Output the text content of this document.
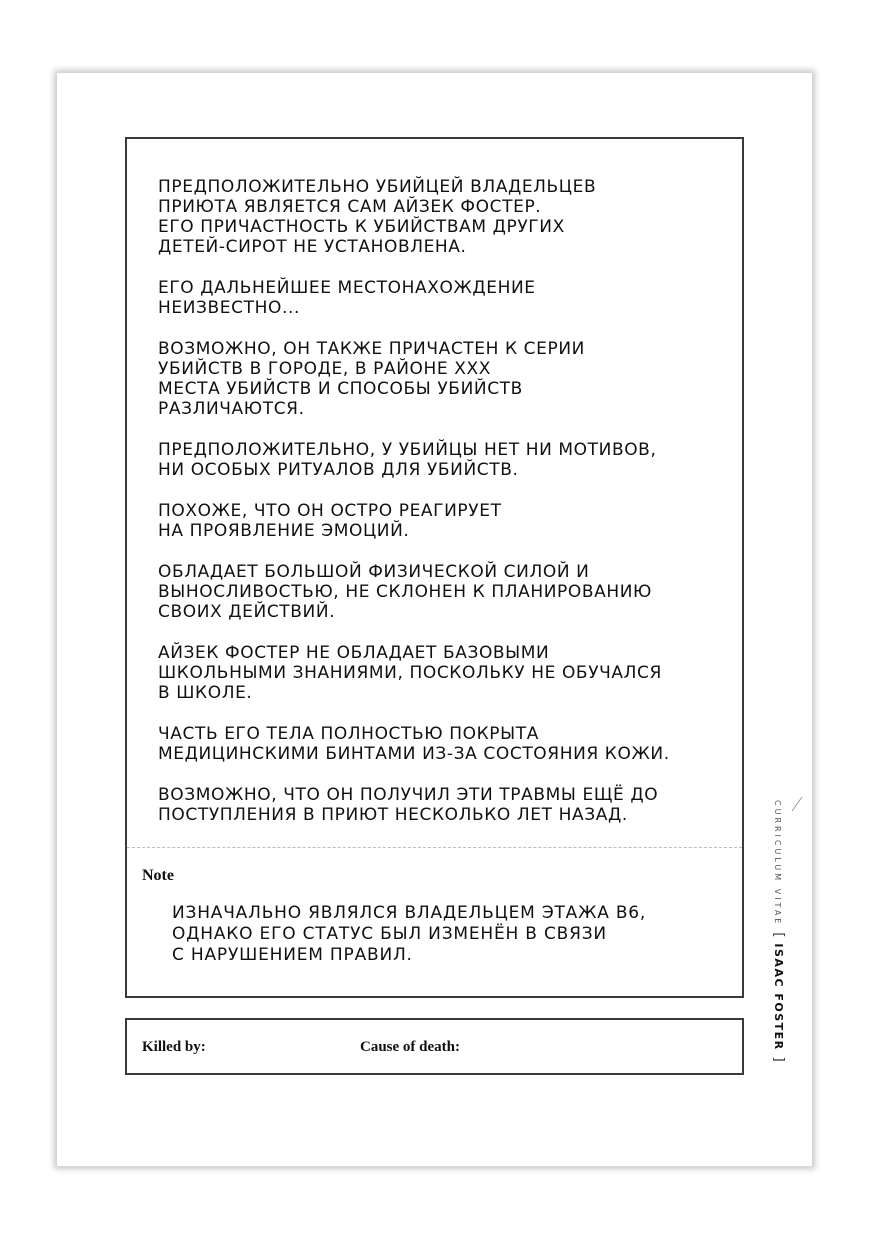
ПРЕДПОЛОЖИТЕЛЬНО УБИЙЦЕЙ ВЛАДЕЛЬЦЕВ
ПРИЮТА ЯВЛЯЕТСЯ САМ АЙЗЕК ФОСТЕР.
ЕГО ПРИЧАСТНОСТЬ К УБИЙСТВАМ ДРУГИХ
ДЕТЕЙ-СИРОТ НЕ УСТАНОВЛЕНА.

ЕГО ДАЛЬНЕЙШЕЕ МЕСТОНАХОЖДЕНИЕ
НЕИЗВЕСТНО...

ВОЗМОЖНО, ОН ТАКЖЕ ПРИЧАСТЕН К СЕРИИ
УБИЙСТВ В ГОРОДЕ, В РАЙОНЕ XXX
МЕСТА УБИЙСТВ И СПОСОБЫ УБИЙСТВ
РАЗЛИЧАЮТСЯ.

ПРЕДПОЛОЖИТЕЛЬНО, У УБИЙЦЫ НЕТ НИ МОТИВОВ,
НИ ОСОБЫХ РИТУАЛОВ ДЛЯ УБИЙСТВ.

ПОХОЖЕ, ЧТО ОН ОСТРО РЕАГИРУЕТ
НА ПРОЯВЛЕНИЕ ЭМОЦИЙ.

ОБЛАДАЕТ БОЛЬШОЙ ФИЗИЧЕСКОЙ СИЛОЙ И
ВЫНОСЛИВОСТЬЮ, НЕ СКЛОНЕН К ПЛАНИРОВАНИЮ
СВОИХ ДЕЙСТВИЙ.

АЙЗЕК ФОСТЕР НЕ ОБЛАДАЕТ БАЗОВЫМИ
ШКОЛЬНЫМИ ЗНАНИЯМИ, ПОСКОЛЬКУ НЕ ОБУЧАЛСЯ
В ШКОЛЕ.

ЧАСТЬ ЕГО ТЕЛА ПОЛНОСТЬЮ ПОКРЫТА
МЕДИЦИНСКИМИ БИНТАМИ ИЗ-ЗА СОСТОЯНИЯ КОЖИ.

ВОЗМОЖНО, ЧТО ОН ПОЛУЧИЛ ЭТИ ТРАВМЫ ЕЩЁ ДО
ПОСТУПЛЕНИЯ В ПРИЮТ НЕСКОЛЬКО ЛЕТ НАЗАД.

Note
ИЗНАЧАЛЬНО ЯВЛЯЛСЯ ВЛАДЕЛЬЦЕМ ЭТАЖА B6,
ОДНАКО ЕГО СТАТУС БЫЛ ИЗМЕНЁН В СВЯЗИ
С НАРУШЕНИЕМ ПРАВИЛ.
Killed by:	Cause of death:
CURRICULUM VITAE[ISAAC FOSTER]
